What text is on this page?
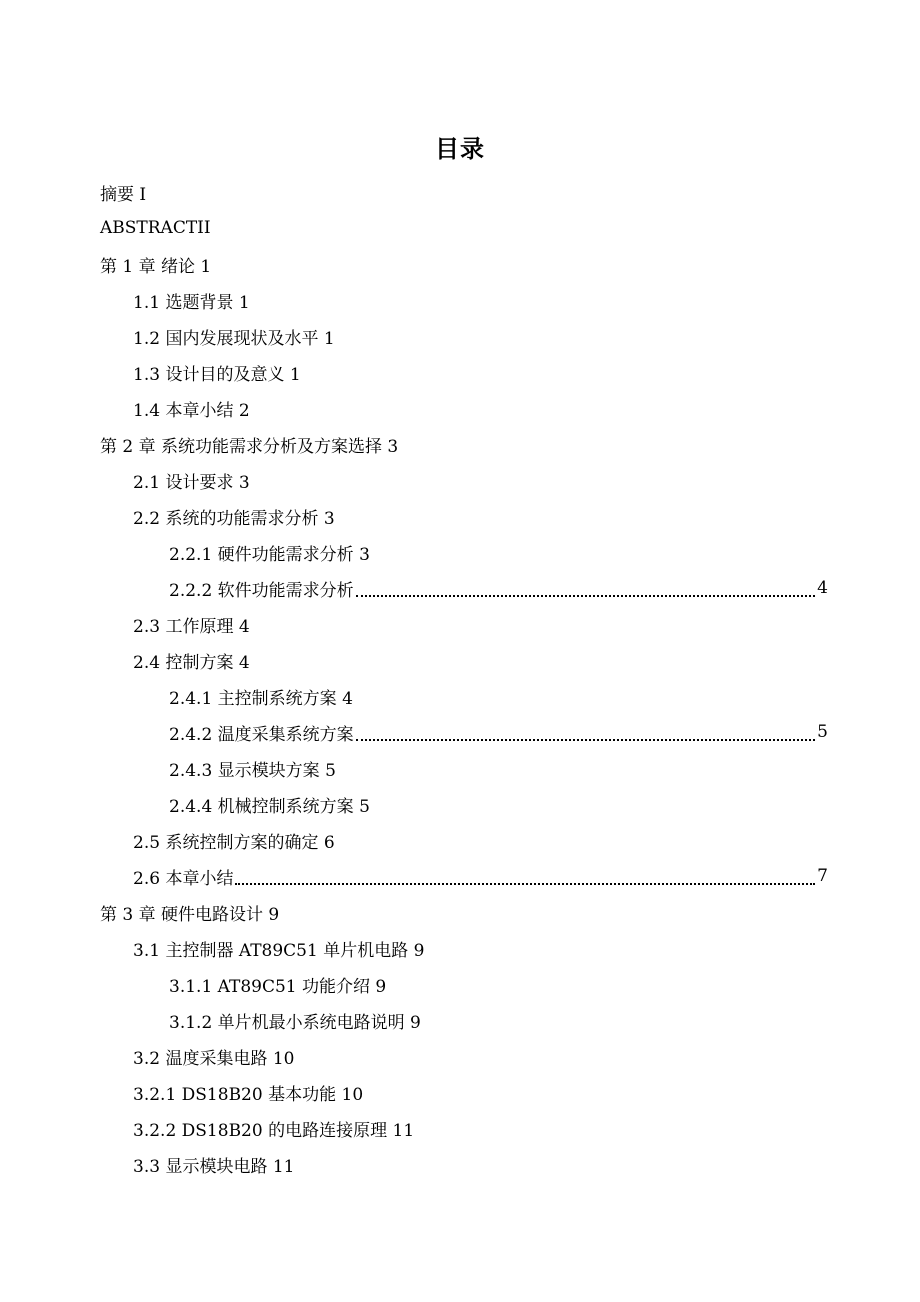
目录
摘要 I
ABSTRACTII
第 1 章 绪论 1
1.1 选题背景 1
1.2 国内发展现状及水平 1
1.3 设计目的及意义 1
1.4 本章小结 2
第 2 章 系统功能需求分析及方案选择 3
2.1 设计要求 3
2.2 系统的功能需求分析 3
2.2.1 硬件功能需求分析 3
2.2.2 软件功能需求分析	4
2.3 工作原理 4
2.4 控制方案 4
2.4.1 主控制系统方案 4
2.4.2 温度采集系统方案	5
2.4.3 显示模块方案 5
2.4.4 机械控制系统方案 5
2.5 系统控制方案的确定 6
2.6 本章小结	7
第 3 章 硬件电路设计 9
3.1 主控制器 AT89C51 单片机电路 9
3.1.1 AT89C51 功能介绍 9
3.1.2 单片机最小系统电路说明 9
3.2 温度采集电路 10
3.2.1 DS18B20 基本功能 10
3.2.2 DS18B20 的电路连接原理 11
3.3 显示模块电路 11
